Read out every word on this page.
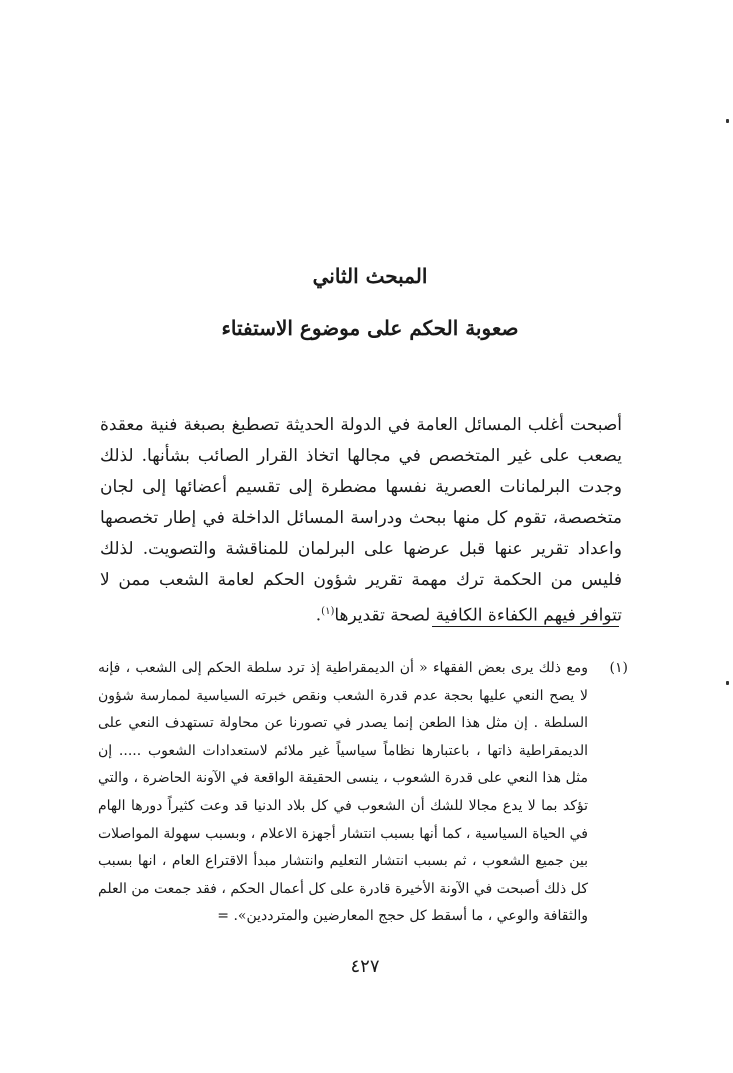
المبحث الثاني
صعوبة الحكم على موضوع الاستفتاء

أصبحت أغلب المسائل العامة في الدولة الحديثة تصطبغ بصبغة فنية معقدة يصعب على غير المتخصص في مجالها اتخاذ القرار الصائب بشأنها. لذلك وجدت البرلمانات العصرية نفسها مضطرة إلى تقسيم أعضائها إلى لجان متخصصة، تقوم كل منها ببحث ودراسة المسائل الداخلة في إطار تخصصها واعداد تقرير عنها قبل عرضها على البرلمان للمناقشة والتصويت. لذلك فليس من الحكمة ترك مهمة تقرير شؤون الحكم لعامة الشعب ممن لا تتوافر فيهم الكفاءة الكافية لصحة تقديرها$^{(١)}$.

(١)

ومع ذلك يرى بعض الفقهاء « أن الديمقراطية إذ ترد سلطة الحكم إلى الشعب ، فإنه لا يصح النعي عليها بحجة عدم قدرة الشعب ونقص خبرته السياسية لممارسة شؤون السلطة . إن مثل هذا الطعن إنما يصدر في تصورنا عن محاولة تستهدف النعي على الديمقراطية ذاتها ، باعتبارها نظاماً سياسياً غير ملائم لاستعدادات الشعوب ..... إن مثل هذا النعي على قدرة الشعوب ، ينسى الحقيقة الواقعة في الآونة الحاضرة ، والتي تؤكد بما لا يدع مجالا للشك أن الشعوب في كل بلاد الدنيا قد وعت كثيراً دورها الهام في الحياة السياسية ، كما أنها بسبب انتشار أجهزة الاعلام ، وبسبب سهولة المواصلات بين جميع الشعوب ، ثم بسبب انتشار التعليم وانتشار مبدأ الاقتراع العام ، انها بسبب كل ذلك أصبحت في الآونة الأخيرة قادرة على كل أعمال الحكم ، فقد جمعت من العلم والثقافة والوعي ، ما أسقط كل حجج المعارضين والمترددين». =

٤٢٧
